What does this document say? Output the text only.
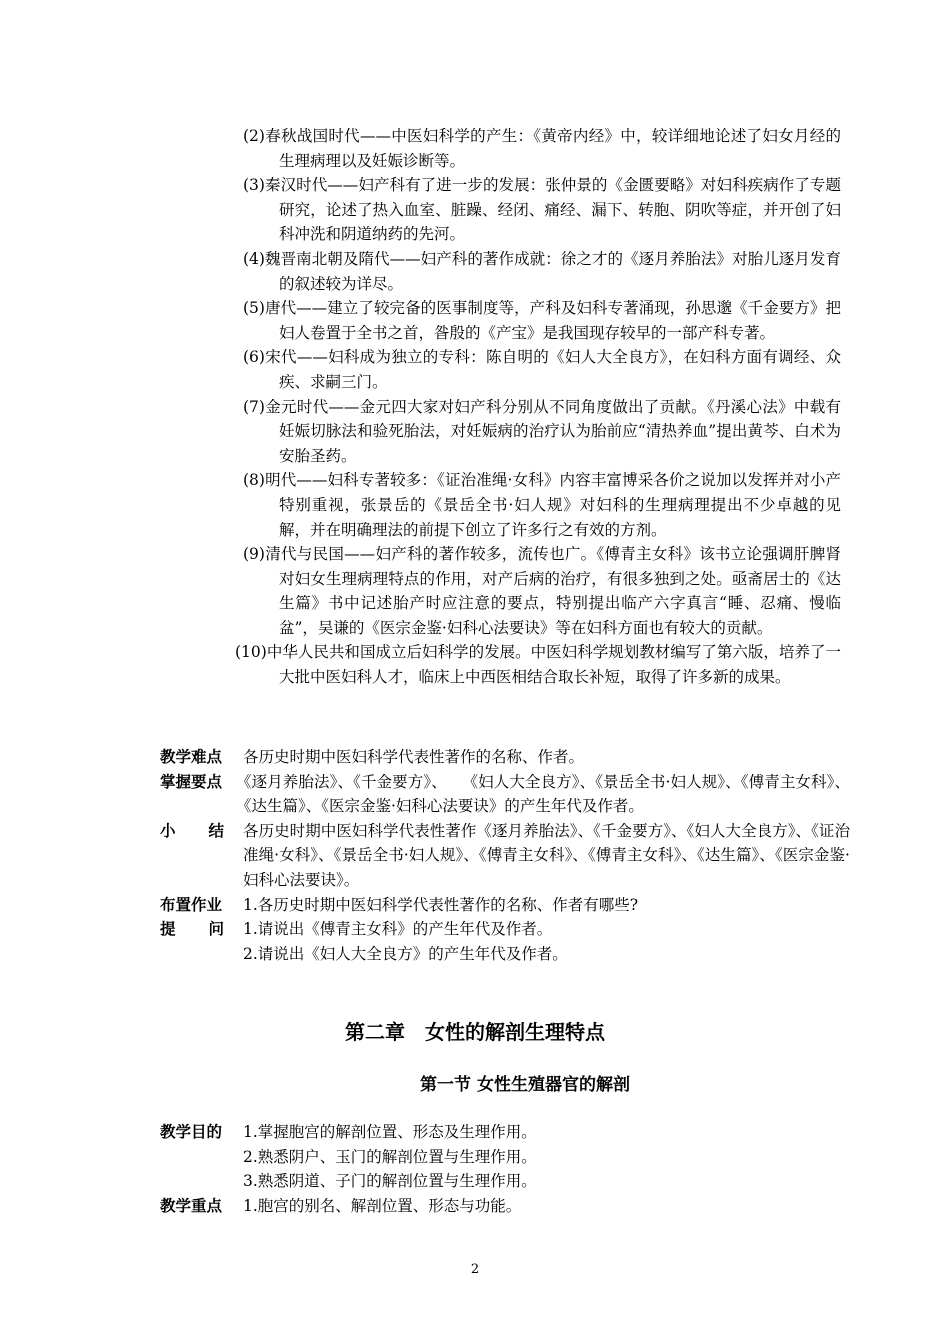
(2)春秋战国时代——中医妇科学的产生：《黄帝内经》中，较详细地论述了妇女月经的生理病理以及妊娠诊断等。
(3)秦汉时代——妇产科有了进一步的发展：张仲景的《金匮要略》对妇科疾病作了专题研究，论述了热入血室、脏躁、经闭、痛经、漏下、转胞、阴吹等症，并开创了妇科冲洗和阴道纳药的先河。
(4)魏晋南北朝及隋代——妇产科的著作成就：徐之才的《逐月养胎法》对胎儿逐月发育的叙述较为详尽。
(5)唐代——建立了较完备的医事制度等，产科及妇科专著涌现，孙思邈《千金要方》把妇人卷置于全书之首，昝殷的《产宝》是我国现存较早的一部产科专著。
(6)宋代——妇科成为独立的专科：陈自明的《妇人大全良方》，在妇科方面有调经、众疾、求嗣三门。
(7)金元时代——金元四大家对妇产科分别从不同角度做出了贡献。《丹溪心法》中载有妊娠切脉法和验死胎法，对妊娠病的治疗认为胎前应“清热养血”提出黄芩、白术为安胎圣药。
(8)明代——妇科专著较多：《证治准绳·女科》内容丰富博采各价之说加以发挥并对小产特别重视，张景岳的《景岳全书·妇人规》对妇科的生理病理提出不少卓越的见解，并在明确理法的前提下创立了许多行之有效的方剂。
(9)清代与民国——妇产科的著作较多，流传也广。《傅青主女科》该书立论强调肝脾肾对妇女生理病理特点的作用，对产后病的治疗，有很多独到之处。亟斋居士的《达生篇》书中记述胎产时应注意的要点，特别提出临产六字真言“睡、忍痛、慢临盆”，吴谦的《医宗金鉴·妇科心法要诀》等在妇科方面也有较大的贡献。
(10)中华人民共和国成立后妇科学的发展。中医妇科学规划教材编写了第六版，培养了一大批中医妇科人才，临床上中西医相结合取长补短，取得了许多新的成果。
教学难点	各历史时期中医妇科学代表性著作的名称、作者。
掌握要点 《逐月养胎法》、《千金要方》、　　《妇人大全良方》、《景岳全书·妇人规》、《傅青主女科》、《达生篇》、《医宗金鉴·妇科心法要诀》的产生年代及作者。
小 结 各历史时期中医妇科学代表性著作《逐月养胎法》、《千金要方》、《妇人大全良方》、《证治准绳·女科》、《景岳全书·妇人规》、《傅青主女科》、《傅青主女科》、《达生篇》、《医宗金鉴·妇科心法要诀》。
布置作业	1.各历史时期中医妇科学代表性著作的名称、作者有哪些?
提 问 1.请说出《傅青主女科》的产生年代及作者。
2.请说出《妇人大全良方》的产生年代及作者。
第二章　女性的解剖生理特点
第一节 女性生殖器官的解剖
教学目的	1.掌握胞宫的解剖位置、形态及生理作用。
2.熟悉阴户、玉门的解剖位置与生理作用。
3.熟悉阴道、子门的解剖位置与生理作用。
教学重点	1.胞宫的别名、解剖位置、形态与功能。
2
